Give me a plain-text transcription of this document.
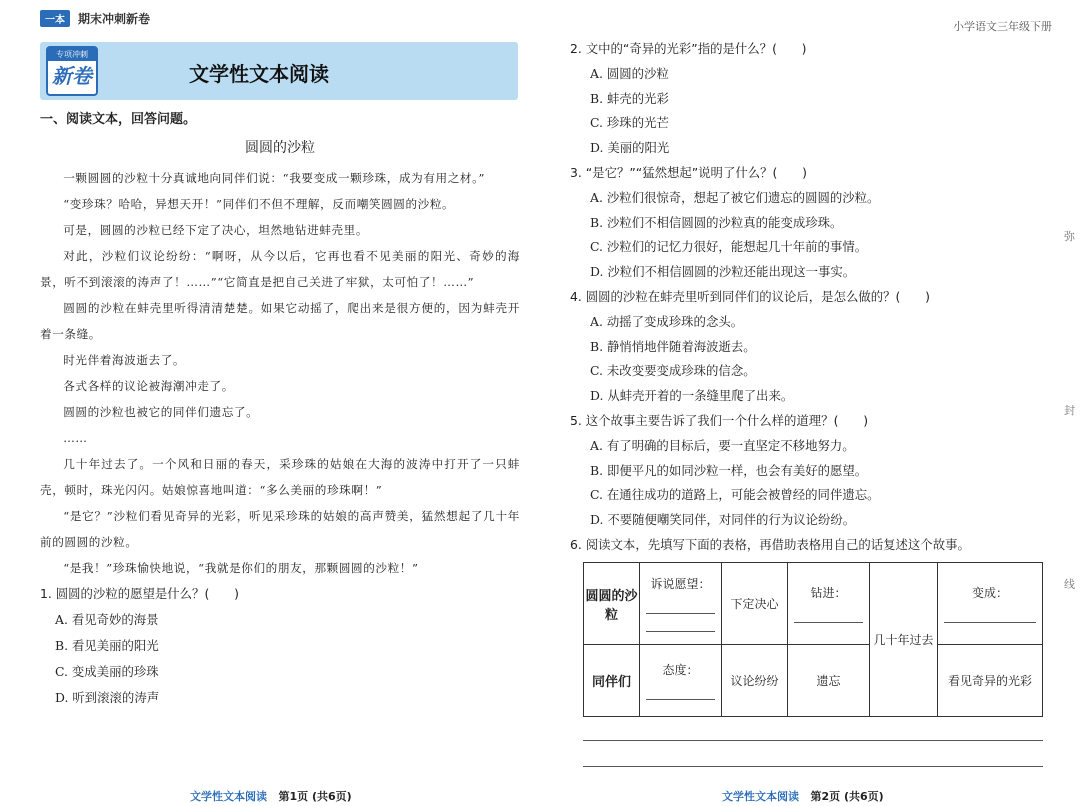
一本	期末冲刺新卷
小学语文三年级下册
专项冲刺
新卷	文学性文本阅读
一、阅读文本，回答问题。
圆圆的沙粒

一颗圆圆的沙粒十分真诚地向同伴们说：“我要变成一颗珍珠，成为有用之材。”

“变珍珠？哈哈，异想天开！”同伴们不但不理解，反而嘲笑圆圆的沙粒。

可是，圆圆的沙粒已经下定了决心，坦然地钻进蚌壳里。

对此，沙粒们议论纷纷：“啊呀，从今以后，它再也看不见美丽的阳光、奇妙的海景，听不到滚滚的涛声了！……”“它简直是把自己关进了牢狱，太可怕了！……”

圆圆的沙粒在蚌壳里听得清清楚楚。如果它动摇了，爬出来是很方便的，因为蚌壳开着一条缝。

时光伴着海波逝去了。

各式各样的议论被海潮冲走了。

圆圆的沙粒也被它的同伴们遗忘了。

……

几十年过去了。一个风和日丽的春天，采珍珠的姑娘在大海的波涛中打开了一只蚌壳，顿时，珠光闪闪。姑娘惊喜地叫道：“多么美丽的珍珠啊！”

“是它？”沙粒们看见奇异的光彩，听见采珍珠的姑娘的高声赞美，猛然想起了几十年前的圆圆的沙粒。

“是我！”珍珠愉快地说，“我就是你们的朋友，那颗圆圆的沙粒！”

1. 圆圆的沙粒的愿望是什么？(　　)
A. 看见奇妙的海景
B. 看见美丽的阳光
C. 变成美丽的珍珠
D. 听到滚滚的涛声
2. 文中的“奇异的光彩”指的是什么？(　　)
A. 圆圆的沙粒
B. 蚌壳的光彩
C. 珍珠的光芒
D. 美丽的阳光
3. “是它？”“猛然想起”说明了什么？(　　)
A. 沙粒们很惊奇，想起了被它们遗忘的圆圆的沙粒。
B. 沙粒们不相信圆圆的沙粒真的能变成珍珠。
C. 沙粒们的记忆力很好，能想起几十年前的事情。
D. 沙粒们不相信圆圆的沙粒还能出现这一事实。
4. 圆圆的沙粒在蚌壳里听到同伴们的议论后，是怎么做的？(　　)
A. 动摇了变成珍珠的念头。
B. 静悄悄地伴随着海波逝去。
C. 未改变要变成珍珠的信念。
D. 从蚌壳开着的一条缝里爬了出来。
5. 这个故事主要告诉了我们一个什么样的道理？(　　)
A. 有了明确的目标后，要一直坚定不移地努力。
B. 即便平凡的如同沙粒一样，也会有美好的愿望。
C. 在通往成功的道路上，可能会被曾经的同伴遗忘。
D. 不要随便嘲笑同伴，对同伴的行为议论纷纷。
6. 阅读文本，先填写下面的表格，再借助表格用自己的话复述这个故事。
圆圆的沙粒	诉说愿望：	下定决心	钻进：	几十年过去	变成：

同伴们	态度：	议论纷纷	遗忘		看见奇异的光彩
弥
封
线
文学性文本阅读 第1页 (共6页)	文学性文本阅读 第2页 (共6页)
